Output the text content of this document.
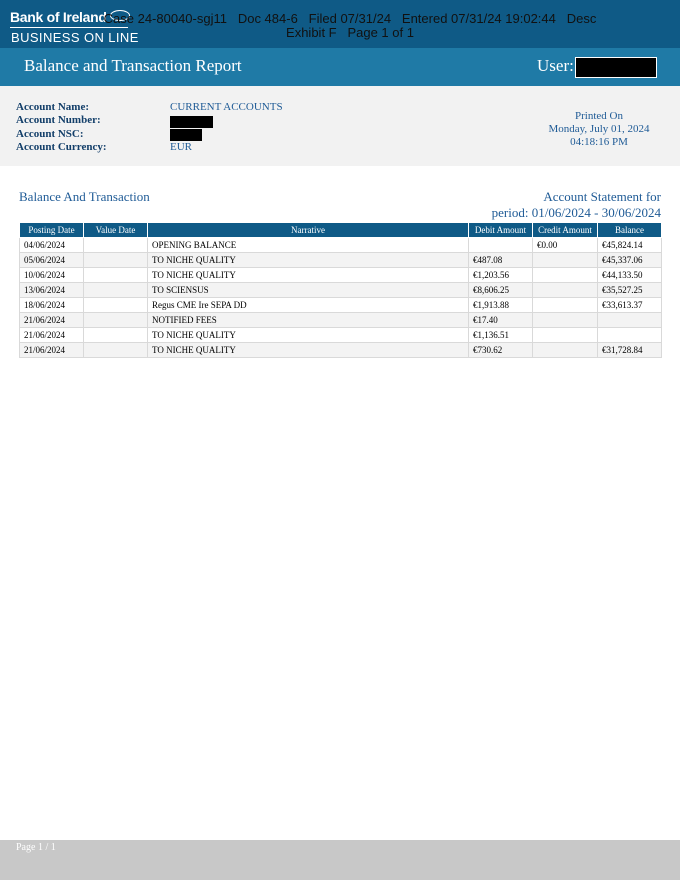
Bank of Ireland
BUSINESS ON LINE
Case 24-80040-sgj11 Doc 484-6 Filed 07/31/24 Entered 07/31/24 19:02:44 Desc
Exhibit F Page 1 of 1
Balance and Transaction Report	User:
Account Name:	CURRENT ACCOUNTS
Account Number:
Account NSC:
Account Currency:	EUR
Printed On
Monday, July 01, 2024
04:18:16 PM
Balance And Transaction	Account Statement for
period: 01/06/2024 - 30/06/2024
Posting Date	Value Date	Narrative	Debit Amount	Credit Amount	Balance
04/06/2024		OPENING BALANCE		€0.00	€45,824.14
05/06/2024		TO NICHE QUALITY	€487.08		€45,337.06
10/06/2024		TO NICHE QUALITY	€1,203.56		€44,133.50
13/06/2024		TO SCIENSUS	€8,606.25		€35,527.25
18/06/2024		Regus CME Ire SEPA DD	€1,913.88		€33,613.37
21/06/2024		NOTIFIED FEES	€17.40		
21/06/2024		TO NICHE QUALITY	€1,136.51		
21/06/2024		TO NICHE QUALITY	€730.62		€31,728.84
Page 1 / 1
